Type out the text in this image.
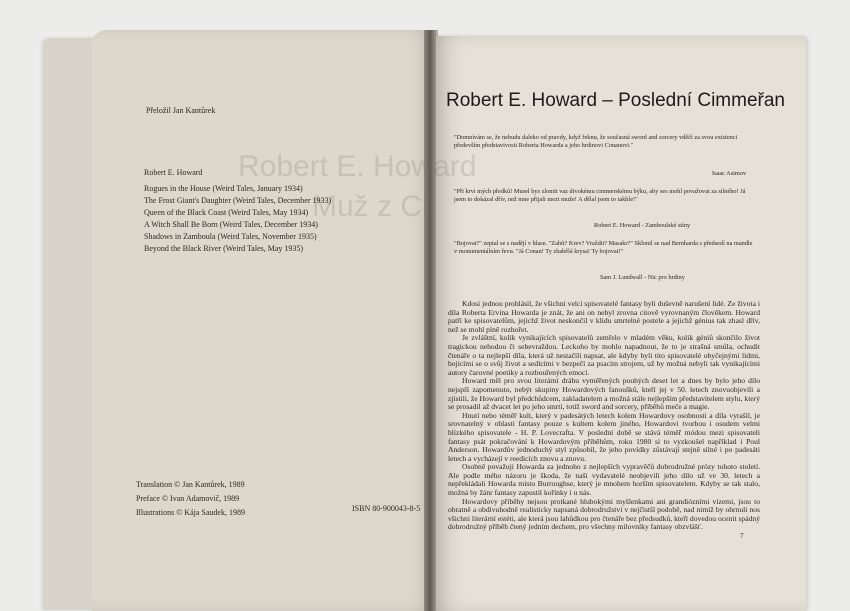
Robert E. Howard
Muž z Ci

Přeložil Jan Kantůrek

Robert E. Howard

Rogues in the House (Weird Tales, January 1934)
The Frost Giant's Daughter (Weird Tales, December 1933)
Queen of the Black Coast (Weird Tales, May 1934)
A Witch Shall Be Born (Weird Tales, December 1934)
Shadows in Zamboula (Weird Tales, November 1935)
Beyond the Black River (Weird Tales, May 1935)
Translation © Jan Kantůrek, 1989
Preface © Ivan Adamovič, 1989
Illustrations © Kája Saudek, 1989	ISBN 80-900043-8-5

Robert E. Howard – Poslední Cimmeřan

"Domnívám se, že nebudu daleko od pravdy, když řeknu, že současná sword and sorcery vděčí za svou existenci především představivosti Roberta Howarda a jeho hrdinovi Conanovi."

Isaac Asimov

"Při krvi mých předků! Musel bys zlomit vaz divokému cimmerskému býku, aby ses mohl považovat za silného! Já jsem to dokázal dřív, než mne přijali mezi muže! A dělal jsem to takhle!"

Robert E. Howard - Zamboulské stíny

"Bojovat?" zeptal se s nadějí v hlase. "Zabít? Krev? Vraždit? Masakr?" Sklonil se nad Bernharda s předsedí na mandle v monumentálním řevu. "Já Conan! Ty zbabělá krysa! Ty bojovat!"

Sam J. Lundwall - Nic pro hrdiny

Kdosi jednou prohlásil, že všichni velcí spisovatelé fantasy byli duševně narušení lidé. Ze života i díla Roberta Ervina Howarda je znát, že ani on nebyl zrovna citově vyrovnaným člověkem. Howard patří ke spisovatelům, jejichž život neskončil v klidu smrtelné postele a jejichž génius tak zhasl dřív, než se mohl plně rozhořet.

Je zvláštní, kolik vynikajících spisovatelů zemřelo v mladém věku, kolik géniů skončilo život tragickou nehodou či sebevraždou. Leckoho by mohlo napadnout, že to je strašná smůla, ochudit čtenáře o ta nejlepší díla, která už nestačili napsat, ale kdyby byli tito spisovatelé obyčejnými lidmi, bojícími se o svůj život a sedícími v bezpečí za psacím strojem, už by možná nebyli tak vynikajícími autory čarovné poetiky a rozbouřených emocí.

Howard měl pro svou literární dráhu vyměřených pouhých deset let a dnes by bylo jeho dílo nejspíš zapomenuto, nebýt skupiny Howardových fanoušků, kteří jej v 50. letech znovuobjevili a zjistili, že Howard byl předchůdcem, zakladatelem a možná stále nejlepším představitelem stylu, který se prosadil až dvacet let po jeho smrti, totiž sword and sorcery, příběhů meče a magie.

Hnutí nebo téměř kult, který v padesátých letech kolem Howardovy osobnosti a díla vyrašil, je srovnatelný v oblasti fantasy pouze s kultem kolem jiného, Howardovi tvorbou i osudem velmi blízkého spisovatele - H. P. Lovecrafta. V poslední době se stává téměř módou mezi spisovateli fantasy psát pokračování k Howardovým příběhům, roku 1980 si to vyzkoušel například i Poul Anderson. Howardův jednoduchý styl způsobil, že jeho povídky zůstávají stejně silné i po padesáti letech a vycházejí v reedicích znovu a znovu.

Osobně považuji Howarda za jednoho z nejlepších vypravěčů dobrodružné prózy tohoto století. Ale podle mého názoru je škoda, že naši vydavatelé neobjevili jeho dílo už ve 30. letech a nepřekládali Howarda místo Burroughse, který je mnohem horším spisovatelem. Kdyby se tak stalo, možná by žánr fantasy zapustil kořínky i u nás.

Howardovy příběhy nejsou protkané hlubokými myšlenkami ani grandiózními vizemi, jsou to obratně a obdivuhodně realisticky napsaná dobrodružství v nejčistší podobě, nad nimiž by ohrnuli nos všichni literární estéti, ale která jsou lahůdkou pro čtenáře bez předsudků, kteří dovedou ocenit spádný dobrodružný příběh čtený jedním dechem, pro všechny milovníky fantasy obzvlášť.

7
